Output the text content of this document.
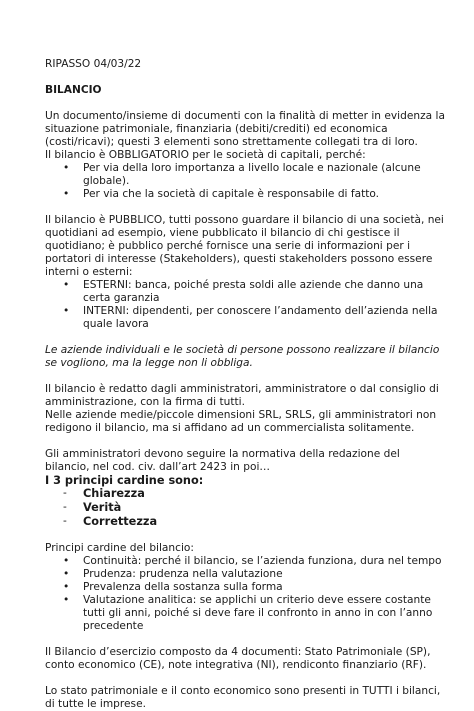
RIPASSO 04/03/22

BILANCIO

Un documento/insieme di documenti con la finalità di metter in evidenza la situazione patrimoniale, finanziaria (debiti/crediti) ed economica (costi/ricavi); questi 3 elementi sono strettamente collegati tra di loro.

Il bilancio è OBBLIGATORIO per le società di capitali, perché:

• Per via della loro importanza a livello locale e nazionale (alcune globale).
• Per via che la società di capitale è responsabile di fatto.

Il bilancio è PUBBLICO, tutti possono guardare il bilancio di una società, nei quotidiani ad esempio, viene pubblicato il bilancio di chi gestisce il quotidiano; è pubblico perché fornisce una serie di informazioni per i portatori di interesse (Stakeholders), questi stakeholders possono essere interni o esterni:

• ESTERNI: banca, poiché presta soldi alle aziende che danno una certa garanzia
• INTERNI: dipendenti, per conoscere l’andamento dell’azienda nella quale lavora

Le aziende individuali e le società di persone possono realizzare il bilancio se vogliono, ma la legge non li obbliga.

Il bilancio è redatto dagli amministratori, amministratore o dal consiglio di amministrazione, con la firma di tutti.

Nelle aziende medie/piccole dimensioni SRL, SRLS, gli amministratori non redigono il bilancio, ma si affidano ad un commercialista solitamente.

Gli amministratori devono seguire la normativa della redazione del bilancio, nel cod. civ. dall’art 2423 in poi…

I 3 principi cardine sono:

- Chiarezza
- Verità
- Correttezza

Principi cardine del bilancio:

• Continuità: perché il bilancio, se l’azienda funziona, dura nel tempo
• Prudenza: prudenza nella valutazione
• Prevalenza della sostanza sulla forma
• Valutazione analitica: se applichi un criterio deve essere costante tutti gli anni, poiché si deve fare il confronto in anno in con l’anno precedente

Il Bilancio d’esercizio composto da 4 documenti: Stato Patrimoniale (SP), conto economico (CE), note integrativa (NI), rendiconto finanziario (RF).

Lo stato patrimoniale e il conto economico sono presenti in TUTTI i bilanci, di tutte le imprese.
